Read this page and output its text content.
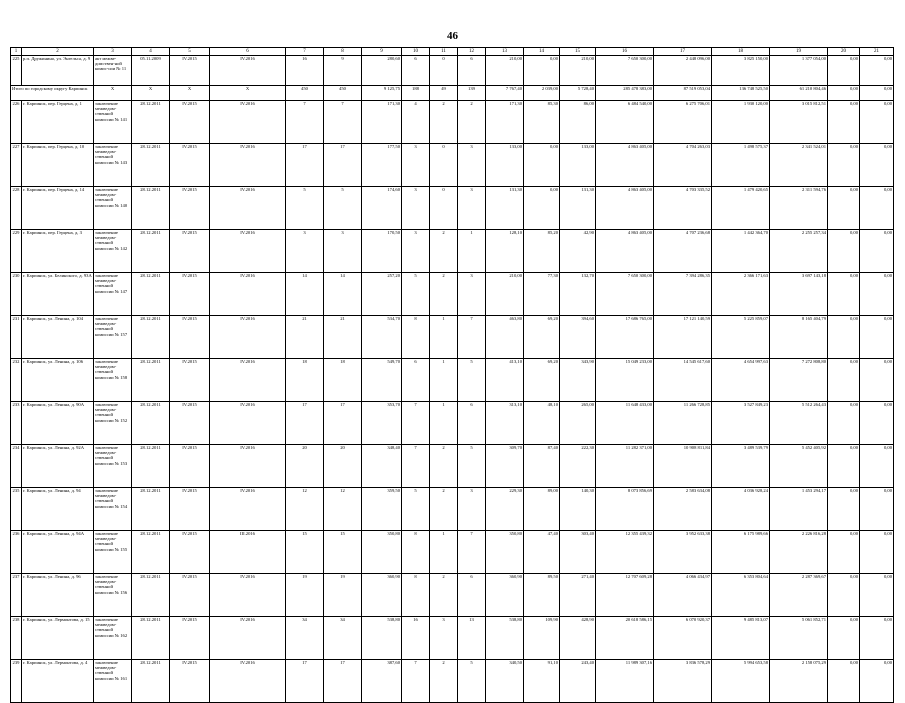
46
1	2	3	4	5	6	7	8	9	10	11	12	13	14	15	16	17	18	19	20	21
225	р.п. Дружинино, ул. Энгельса, д. 9	акт межве-домствен-ной комис-сии № 11	05.11.2009	IV.2015	IV.2016	16	9	280,60	6	0	6	210,00	0,00	210,00	7 650 300,00	2 448 096,00	3 825 150,00	1 377 054,00	0,00	0,00
Итого по городскому округу Карпинск		X	X	X	X	450	450	9 125,75	188	49	139	7 767,40	2 039,00	5 728,40	285 478 383,00	87 519 053,04	136 748 525,50	61 210 804,46	0,00	0,00
226	г. Карпинск, пер. Герцена, д. 1	заключение межведом-ственной комиссии № 141	28.12.2011	IV.2015	IV.2016	7	7	171,30	4	2	2	171,30	85,30	86,00	6 484 540,00	6 275 706,01	1 930 120,00	3 015 812,51	0,00	0,00
227	г. Карпинск, пер. Герцена, д. 10	заключение межведом-ственной комиссии № 143	28.12.2011	IV.2015	IV.2016	17	17	177,50	3	0	3	133,00	0,00	133,00	4 863 405,00	4 704 263,03	1 498 575,37	2 341 524,01	0,00	0,00
228	г. Карпинск, пер. Герцена, д. 14	заключение межведом-ственной комиссии № 140	28.12.2011	IV.2015	IV.2016	5	5	174,60	3	0	3	131,30	0,00	131,30	4 863 405,00	4 703 335,52	1 479 420,65	2 311 594,76	0,00	0,00
229	г. Карпинск, пер. Герцена, д. 3	заключение межведом-ственной комиссии № 142	28.12.2011	IV.2015	IV.2016	3	3	170,50	3	2	1	128,10	85,20	42,90	4 863 405,00	4 707 236,68	1 442 364,70	2 255 257,34	0,00	0,00
230	г. Карпинск, ул. Белинского, д. 93А	заключение межведом-ственной комиссии № 147	28.12.2011	IV.2015	IV.2016	14	14	257,20	5	2	3	210,00	77,30	132,70	7 650 300,00	7 394 286,35	2 366 171,63	3 697 143,18	0,00	0,00
231	г. Карпинск, ул. Ленина, д. 104	заключение межведом-ственной комиссии № 157	28.12.2011	IV.2015	IV.2016	21	21	534,70	8	1	7	463,80	69,20	394,60	17 686 765,00	17 121 140,59	5 225 859,07	8 165 404,79	0,00	0,00
232	г. Карпинск, ул. Ленина, д. 106	заключение межведом-ственной комиссии № 158	28.12.2011	IV.2015	IV.2016	18	18	549,70	6	1	5	413,10	69,20	343,90	15 049 233,00	14 545 617,60	4 654 997,63	7 272 808,80	0,00	0,00
233	г. Карпинск, ул. Ленина, д. 90А	заключение межведом-ственной комиссии № 152	28.12.2011	IV.2015	IV.2016	17	17	353,70	7	1	6	313,10	48,10	265,00	11 648 433,00	11 266 728,85	3 527 849,23	5 512 264,43	0,00	0,00
234	г. Карпинск, ул. Ленина, д. 92А	заключение межведом-ственной комиссии № 153	28.12.2011	IV.2015	IV.2016	20	20	348,40	7	2	5	309,70	87,40	222,30	11 282 371,00	10 908 811,84	3 489 539,79	5 452 405,92	0,00	0,00
235	г. Карпинск, ул. Ленина, д. 94	заключение межведом-ственной комиссии № 154	28.12.2011	IV.2015	IV.2016	12	12	359,50	5	2	3	229,30	89,00	140,30	8 073 856,69	2 583 634,08	4 036 928,24	1 453 294,17	0,00	0,00
236	г. Карпинск, ул. Ленина, д. 94А	заключение межведом-ственной комиссии № 155	28.12.2011	IV.2015	III.2016	15	15	350,80	8	1	7	350,80	47,40	303,40	12 355 439,32	3 952 633,38	6 175 989,66	2 226 816,28	0,00	0,00
237	г. Карпинск, ул. Ленина, д. 96	заключение межведом-ственной комиссии № 156	28.12.2011	IV.2015	IV.2016	19	19	360,90	8	2	6	360,90	89,50	271,40	12 707 609,28	4 066 434,97	6 353 804,64	2 287 369,67	0,00	0,00
238	г. Карпинск, ул. Лермонтова, д. 15	заключение межведом-ственной комиссии № 162	28.12.2011	IV.2015	IV.2016	34	34	538,80	16	3	13	538,80	109,90	428,90	20 618 586,15	6 070 920,37	9 485 813,07	5 061 852,71	0,00	0,00
239	г. Карпинск, ул. Лермонтова, д. 4	заключение межведом-ственной комиссии № 161	28.12.2011	IV.2015	IV.2016	17	17	387,60	7	2	5	340,50	91,10	243,40	11 989 307,16	3 836 578,29	5 994 653,58	2 158 075,29	0,00	0,00
